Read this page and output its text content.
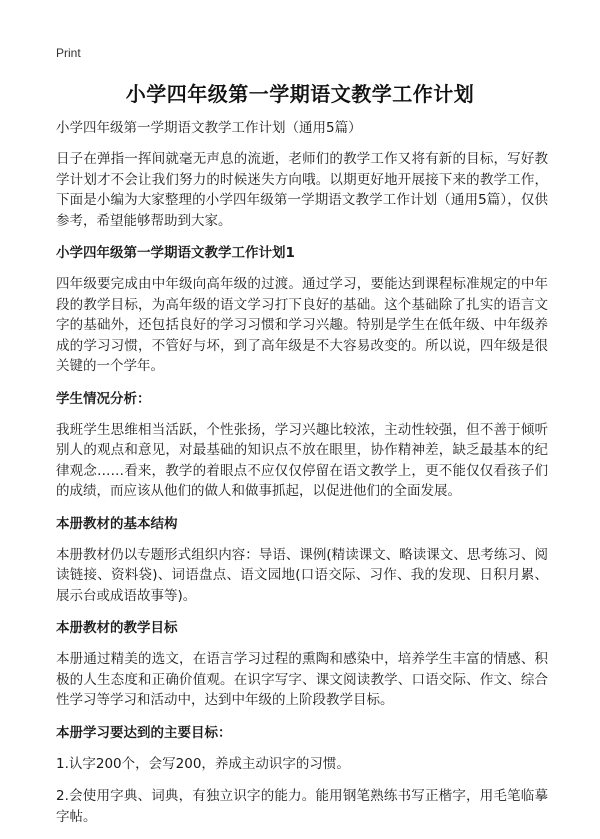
Print
小学四年级第一学期语文教学工作计划

小学四年级第一学期语文教学工作计划（通用5篇）

日子在弹指一挥间就毫无声息的流逝，老师们的教学工作又将有新的目标，写好教学计划才不会让我们努力的时候迷失方向哦。以期更好地开展接下来的教学工作，下面是小编为大家整理的小学四年级第一学期语文教学工作计划（通用5篇），仅供参考，希望能够帮助到大家。

小学四年级第一学期语文教学工作计划1

四年级要完成由中年级向高年级的过渡。通过学习，要能达到课程标准规定的中年段的教学目标，为高年级的语文学习打下良好的基础。这个基础除了扎实的语言文字的基础外，还包括良好的学习习惯和学习兴趣。特别是学生在低年级、中年级养成的学习习惯，不管好与坏，到了高年级是不大容易改变的。所以说，四年级是很关键的一个学年。

学生情况分析：

我班学生思维相当活跃，个性张扬，学习兴趣比较浓，主动性较强，但不善于倾听别人的观点和意见，对最基础的知识点不放在眼里，协作精神差，缺乏最基本的纪律观念……看来，教学的着眼点不应仅仅停留在语文教学上，更不能仅仅看孩子们的成绩，而应该从他们的做人和做事抓起，以促进他们的全面发展。

本册教材的基本结构

本册教材仍以专题形式组织内容：导语、课例(精读课文、略读课文、思考练习、阅读链接、资料袋)、词语盘点、语文园地(口语交际、习作、我的发现、日积月累、展示台或成语故事等)。

本册教材的教学目标

本册通过精美的选文，在语言学习过程的熏陶和感染中，培养学生丰富的情感、积极的人生态度和正确价值观。在识字写字、课文阅读教学、口语交际、作文、综合性学习等学习和活动中，达到中年级的上阶段教学目标。

本册学习要达到的主要目标：

1.认字200个，会写200，养成主动识字的习惯。

2.会使用字典、词典，有独立识字的能力。能用钢笔熟练书写正楷字，用毛笔临摹字帖。
